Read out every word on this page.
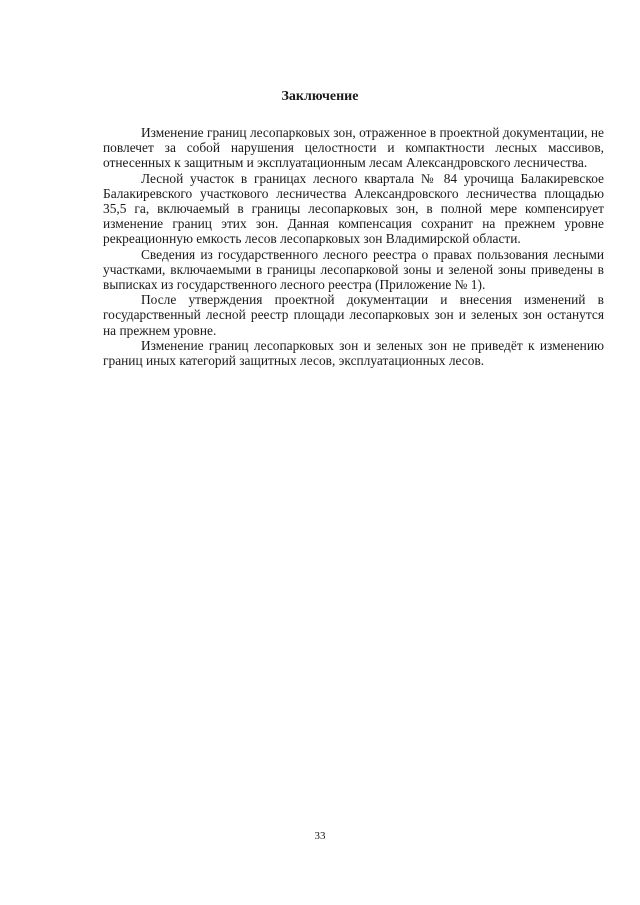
Заключение

Изменение границ лесопарковых зон, отраженное в проектной документации, не повлечет за собой нарушения целостности и компактности лесных массивов, отнесенных к защитным и эксплуатационным лесам Александровского лесничества.

Лесной участок в границах лесного квартала № 84 урочища Балакиревское Балакиревского участкового лесничества Александровского лесничества площадью 35,5 га, включаемый в границы лесопарковых зон, в полной мере компенсирует изменение границ этих зон. Данная компенсация сохранит на прежнем уровне рекреационную емкость лесов лесопарковых зон Владимирской области.

Сведения из государственного лесного реестра о правах пользования лесными участками, включаемыми в границы лесопарковой зоны и зеленой зоны приведены в выписках из государственного лесного реестра (Приложение № 1).

После утверждения проектной документации и внесения изменений в государственный лесной реестр площади лесопарковых зон и зеленых зон останутся на прежнем уровне.

Изменение границ лесопарковых зон и зеленых зон не приведёт к изменению границ иных категорий защитных лесов, эксплуатационных лесов.

33
